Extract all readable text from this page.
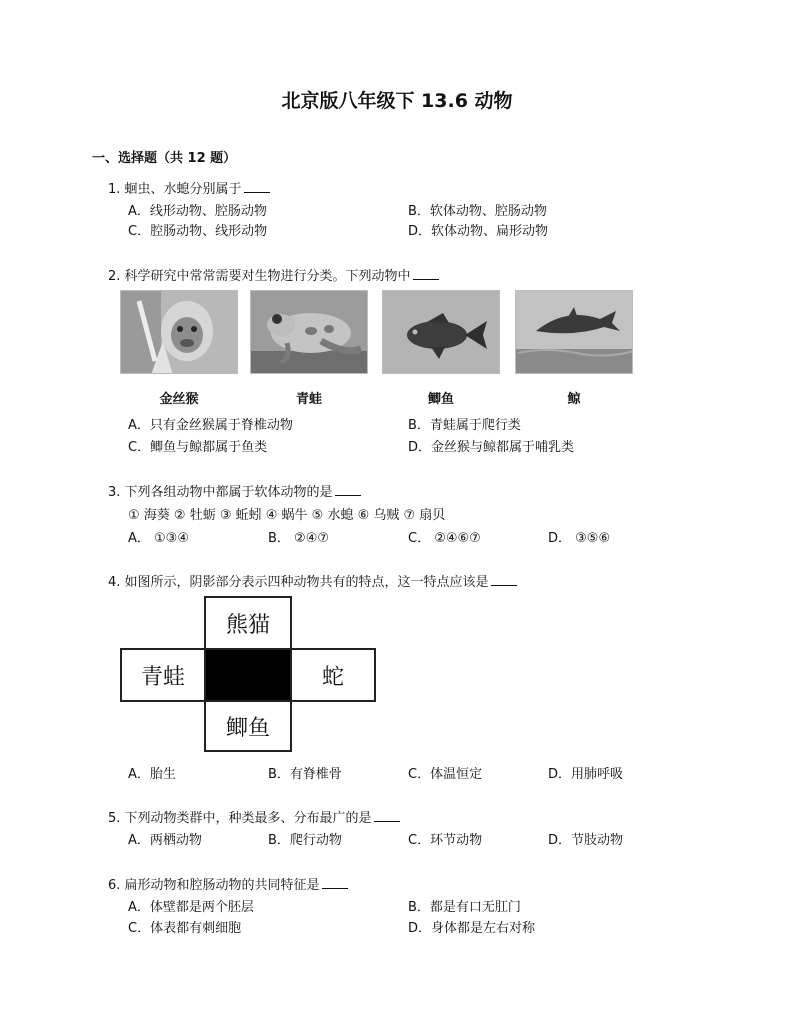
北京版八年级下 13.6 动物
一、选择题（共 12 题）
1. 蛔虫、水螅分别属于
A．线形动物、腔肠动物	B．软体动物、腔肠动物
C．腔肠动物、线形动物	D．软体动物、扁形动物
2. 科学研究中常常需要对生物进行分类。下列动物中
金丝猴	青蛙	鲫鱼	鲸
A．只有金丝猴属于脊椎动物	B．青蛙属于爬行类
C．鲫鱼与鲸都属于鱼类	D．金丝猴与鲸都属于哺乳类
3. 下列各组动物中都属于软体动物的是
① 海葵 ② 牡蛎 ③ 蚯蚓 ④ 蜗牛 ⑤ 水螅 ⑥ 乌贼 ⑦ 扇贝
A． ①③④	B． ②④⑦	C． ②④⑥⑦	D． ③⑤⑥
4. 如图所示，阴影部分表示四种动物共有的特点，这一特点应该是
熊猫
青蛙	蛇
鲫鱼
A．胎生	B．有脊椎骨	C．体温恒定	D．用肺呼吸
5. 下列动物类群中，种类最多、分布最广的是
A．两栖动物	B．爬行动物	C．环节动物	D．节肢动物
6. 扁形动物和腔肠动物的共同特征是
A．体壁都是两个胚层	B．都是有口无肛门
C．体表都有刺细胞	D．身体都是左右对称
